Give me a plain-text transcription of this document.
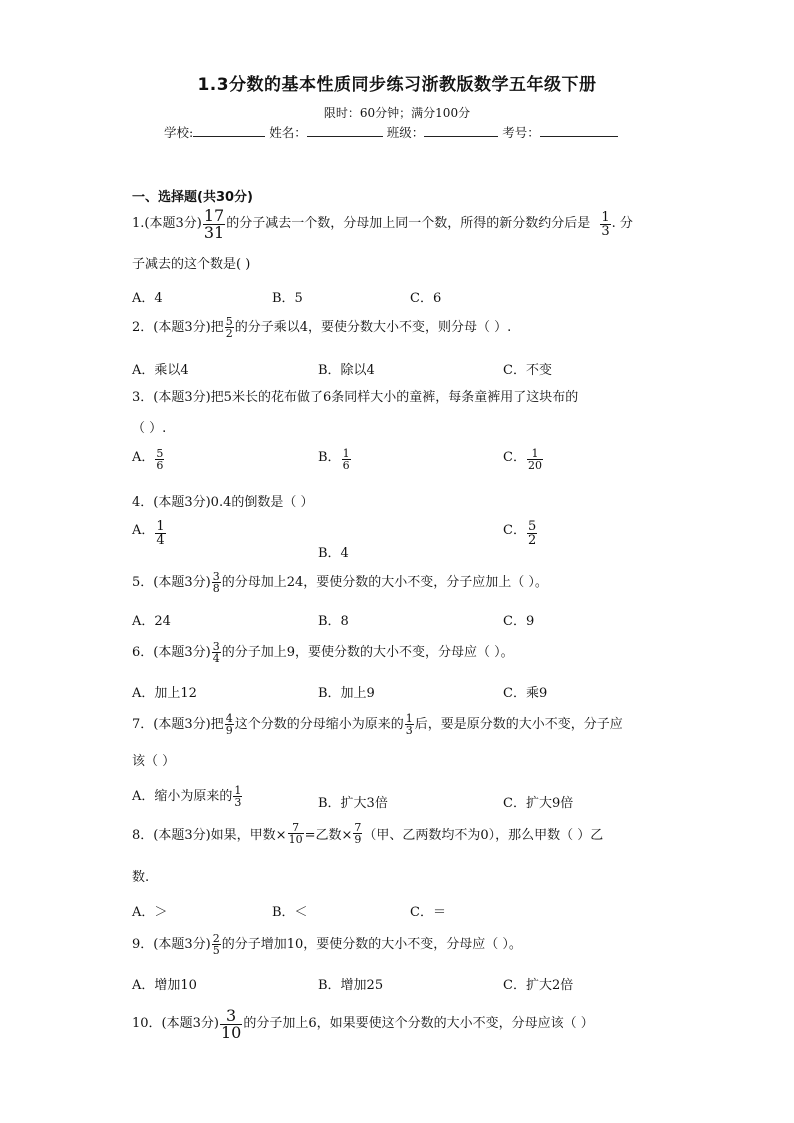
1.3分数的基本性质同步练习浙教版数学五年级下册
限时：60分钟；满分100分
学校:	姓名：	班级：	考号：
一、选择题(共30分)
1.(本题3分) $\frac{17}{31}$ 的分子减去一个数，分母加上同一个数，所得的新分数约分后是 $\frac{1}{3}$ . 分
子减去的这个数是( )
A．4	B．5	C．6
2．(本题3分)把 $\frac{5}{2}$ 的分子乘以4，要使分数大小不变，则分母（ ）.
A．乘以4	B．除以4	C．不变
3．(本题3分)把5米长的花布做了6条同样大小的童裤，每条童裤用了这块布的
（ ）.
A． $\frac{5}{6}$	B． $\frac{1}{6}$	C． $\frac{1}{20}$
4．(本题3分)0.4的倒数是（ ）
A． $\frac{1}{4}$
B．4
C． $\frac{5}{2}$
5．(本题3分) $\frac{3}{8}$ 的分母加上24，要使分数的大小不变，分子应加上（ ）。
A．24	B．8	C．9
6．(本题3分) $\frac{3}{4}$ 的分子加上9，要使分数的大小不变，分母应（ ）。
A．加上12	B．加上9	C．乘9
7．(本题3分)把 $\frac{4}{9}$ 这个分数的分母缩小为原来的 $\frac{1}{3}$ 后，要是原分数的大小不变，分子应
该（ ）
A．缩小为原来的 $\frac{1}{3}$	B．扩大3倍	C．扩大9倍
8．(本题3分)如果，甲数× $\frac{7}{10}$ =乙数× $\frac{7}{9}$ （甲、乙两数均不为0），那么甲数（ ）乙
数.
A．＞	B．＜	C．＝
9．(本题3分) $\frac{2}{5}$ 的分子增加10，要使分数的大小不变，分母应（ ）。
A．增加10	B．增加25	C．扩大2倍
10．(本题3分) $\frac{3}{10}$ 的分子加上6，如果要使这个分数的大小不变，分母应该（ ）
